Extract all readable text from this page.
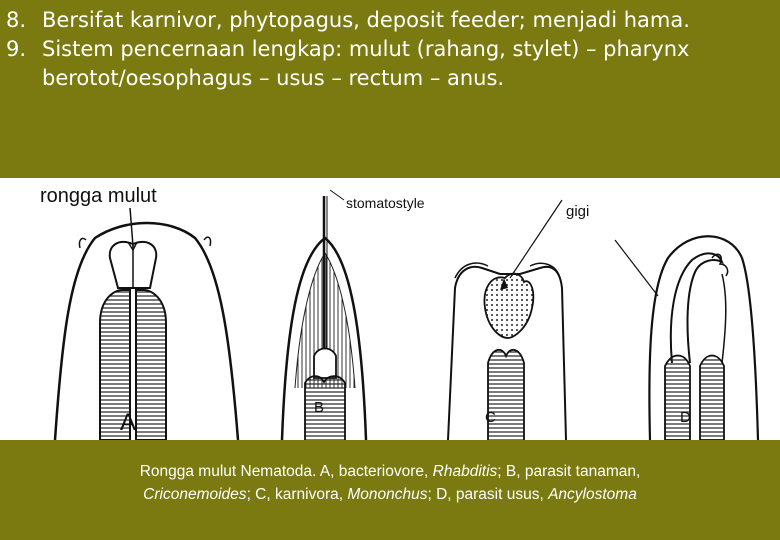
8. Bersifat karnivor, phytopagus, deposit feeder; menjadi hama.
9. Sistem pencernaan lengkap: mulut (rahang, stylet) – pharynx berotot/oesophagus – usus – rectum – anus.
rongga mulut	stomatostyle	gigi
A
B
C	D
Rongga mulut Nematoda. A, bacteriovore, Rhabditis; B, parasit tanaman,
Criconemoides; C, karnivora, Mononchus; D, parasit usus, Ancylostoma
